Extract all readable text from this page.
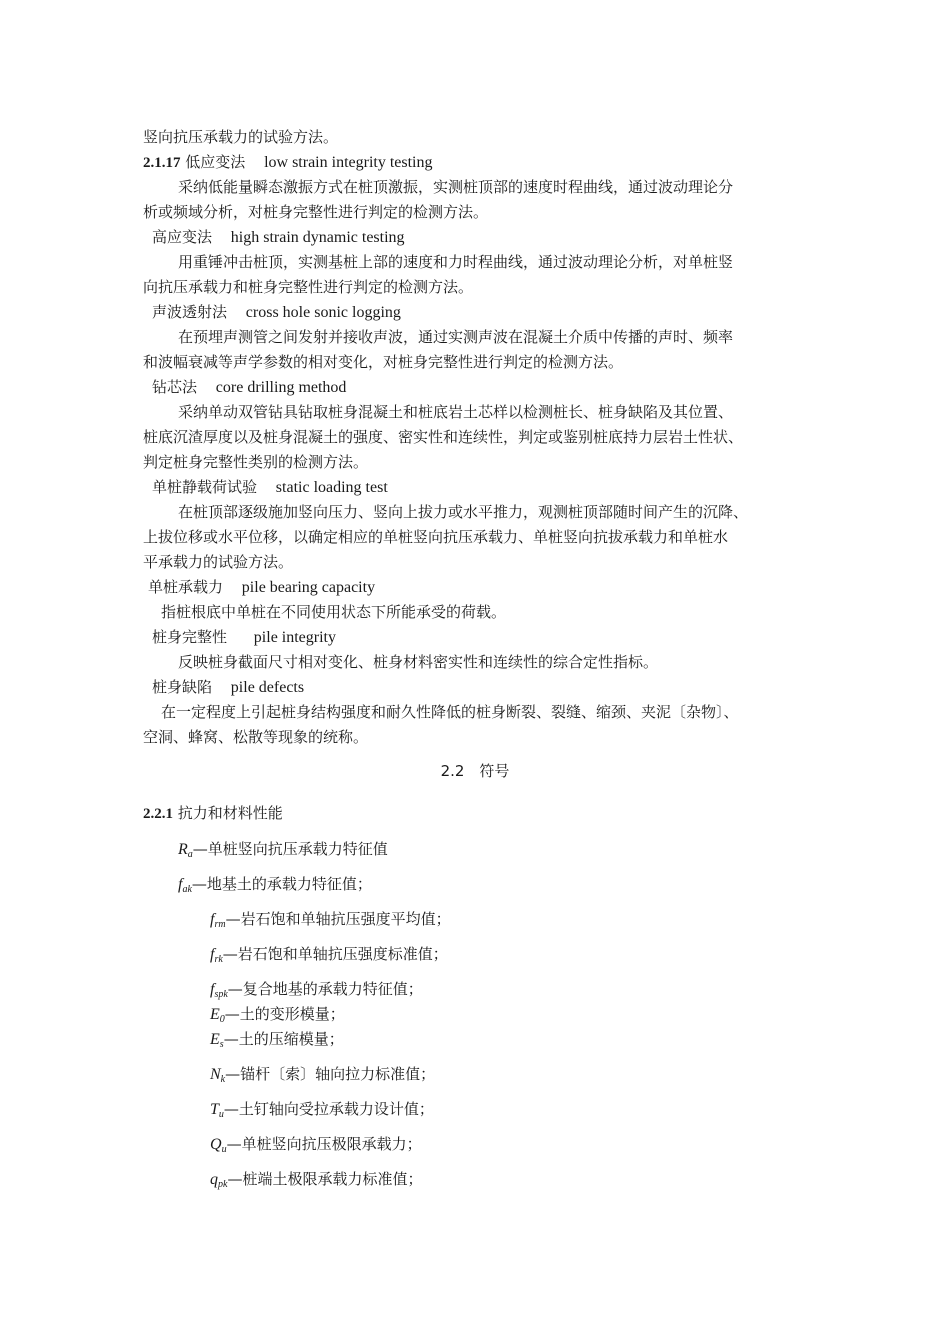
竖向抗压承载力的试验方法。
2.1.17 低应变法 low strain integrity testing
采纳低能量瞬态激振方式在桩顶激振，实测桩顶部的速度时程曲线，通过波动理论分
析或频域分析，对桩身完整性进行判定的检测方法。
高应变法 high strain dynamic testing
用重锤冲击桩顶，实测基桩上部的速度和力时程曲线，通过波动理论分析，对单桩竖
向抗压承载力和桩身完整性进行判定的检测方法。
声波透射法 cross hole sonic logging
在预埋声测管之间发射并接收声波，通过实测声波在混凝土介质中传播的声时、频率
和波幅衰减等声学参数的相对变化，对桩身完整性进行判定的检测方法。
钻芯法 core drilling method
采纳单动双管钻具钻取桩身混凝土和桩底岩土芯样以检测桩长、桩身缺陷及其位置、
桩底沉渣厚度以及桩身混凝土的强度、密实性和连续性，判定或鉴别桩底持力层岩土性状、
判定桩身完整性类别的检测方法。
单桩静载荷试验 static loading test
在桩顶部逐级施加竖向压力、竖向上拔力或水平推力，观测桩顶部随时间产生的沉降、
上拔位移或水平位移，以确定相应的单桩竖向抗压承载力、单桩竖向抗拔承载力和单桩水
平承载力的试验方法。
单桩承载力 pile bearing capacity
指桩根底中单桩在不同使用状态下所能承受的荷载。
桩身完整性 pile integrity
反映桩身截面尺寸相对变化、桩身材料密实性和连续性的综合定性指标。
桩身缺陷 pile defects
在一定程度上引起桩身结构强度和耐久性降低的桩身断裂、裂缝、缩颈、夹泥〔杂物〕、
空洞、蜂窝、松散等现象的统称。
2.2　符号
2.2.1 抗力和材料性能
$R_a—$单桩竖向抗压承载力特征值
$f_{ak}—$地基土的承载力特征值；
$f_{rm}—$岩石饱和单轴抗压强度平均值；
$f_{rk}—$岩石饱和单轴抗压强度标准值；
$f_{spk}—$复合地基的承载力特征值；
$E_0—$土的变形模量；
$E_s—$土的压缩模量；
$N_k—$锚杆〔索〕轴向拉力标准值；
$T_u—$土钉轴向受拉承载力设计值；
$Q_u—$单桩竖向抗压极限承载力；
$q_{pk}—$桩端土极限承载力标准值；
